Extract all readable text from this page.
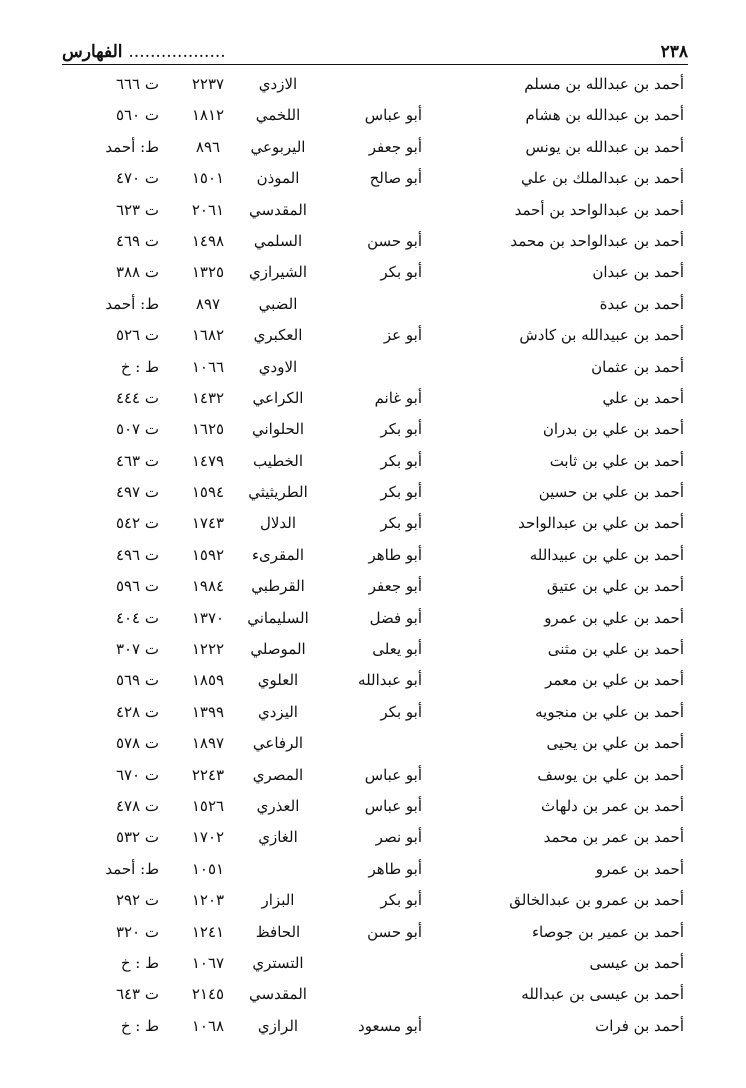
٢٣٨
.................. الفهارس
أحمد بن عبدالله بن مسلم
الازدي
٢٢٣٧
ت ٦٦٦
أحمد بن عبدالله بن هشام
أبو عباس
اللخمي
١٨١٢
ت ٥٦٠
أحمد بن عبدالله بن يونس
أبو جعفر
اليربوعي
٨٩٦
ط: أحمد
أحمد بن عبدالملك بن علي
أبو صالح
الموذن
١٥٠١
ت ٤٧٠
أحمد بن عبدالواحد بن أحمد
المقدسي
٢٠٦١
ت ٦٢٣
أحمد بن عبدالواحد بن محمد
أبو حسن
السلمي
١٤٩٨
ت ٤٦٩
أحمد بن عبدان
أبو بكر
الشيرازي
١٣٢٥
ت ٣٨٨
أحمد بن عبدة
الضبي
٨٩٧
ط: أحمد
أحمد بن عبيدالله بن كادش
أبو عز
العكبري
١٦٨٢
ت ٥٢٦
أحمد بن عثمان
الاودي
١٠٦٦
ط : خ
أحمد بن علي
أبو غانم
الكراعي
١٤٣٢
ت ٤٤٤
أحمد بن علي بن بدران
أبو بكر
الحلواني
١٦٢٥
ت ٥٠٧
أحمد بن علي بن ثابت
أبو بكر
الخطيب
١٤٧٩
ت ٤٦٣
أحمد بن علي بن حسين
أبو بكر
الطريثيثي
١٥٩٤
ت ٤٩٧
أحمد بن علي بن عبدالواحد
أبو بكر
الدلال
١٧٤٣
ت ٥٤٢
أحمد بن علي بن عبيدالله
أبو طاهر
المقرىء
١٥٩٢
ت ٤٩٦
أحمد بن علي بن عتيق
أبو جعفر
القرطبي
١٩٨٤
ت ٥٩٦
أحمد بن علي بن عمرو
أبو فضل
السليماني
١٣٧٠
ت ٤٠٤
أحمد بن علي بن مثنى
أبو يعلى
الموصلي
١٢٢٢
ت ٣٠٧
أحمد بن علي بن معمر
أبو عبدالله
العلوي
١٨٥٩
ت ٥٦٩
أحمد بن علي بن منجويه
أبو بكر
اليزدي
١٣٩٩
ت ٤٢٨
أحمد بن علي بن يحيى
الرفاعي
١٨٩٧
ت ٥٧٨
أحمد بن علي بن يوسف
أبو عباس
المصري
٢٢٤٣
ت ٦٧٠
أحمد بن عمر بن دلهاث
أبو عباس
العذري
١٥٢٦
ت ٤٧٨
أحمد بن عمر بن محمد
أبو نصر
الغازي
١٧٠٢
ت ٥٣٢
أحمد بن عمرو
أبو طاهر
١٠٥١
ط: أحمد
أحمد بن عمرو بن عبدالخالق
أبو بكر
البزار
١٢٠٣
ت ٢٩٢
أحمد بن عمير بن جوصاء
أبو حسن
الحافظ
١٢٤١
ت ٣٢٠
أحمد بن عيسى
التستري
١٠٦٧
ط : خ
أحمد بن عيسى بن عبدالله
المقدسي
٢١٤٥
ت ٦٤٣
أحمد بن فرات
أبو مسعود
الرازي
١٠٦٨
ط : خ
